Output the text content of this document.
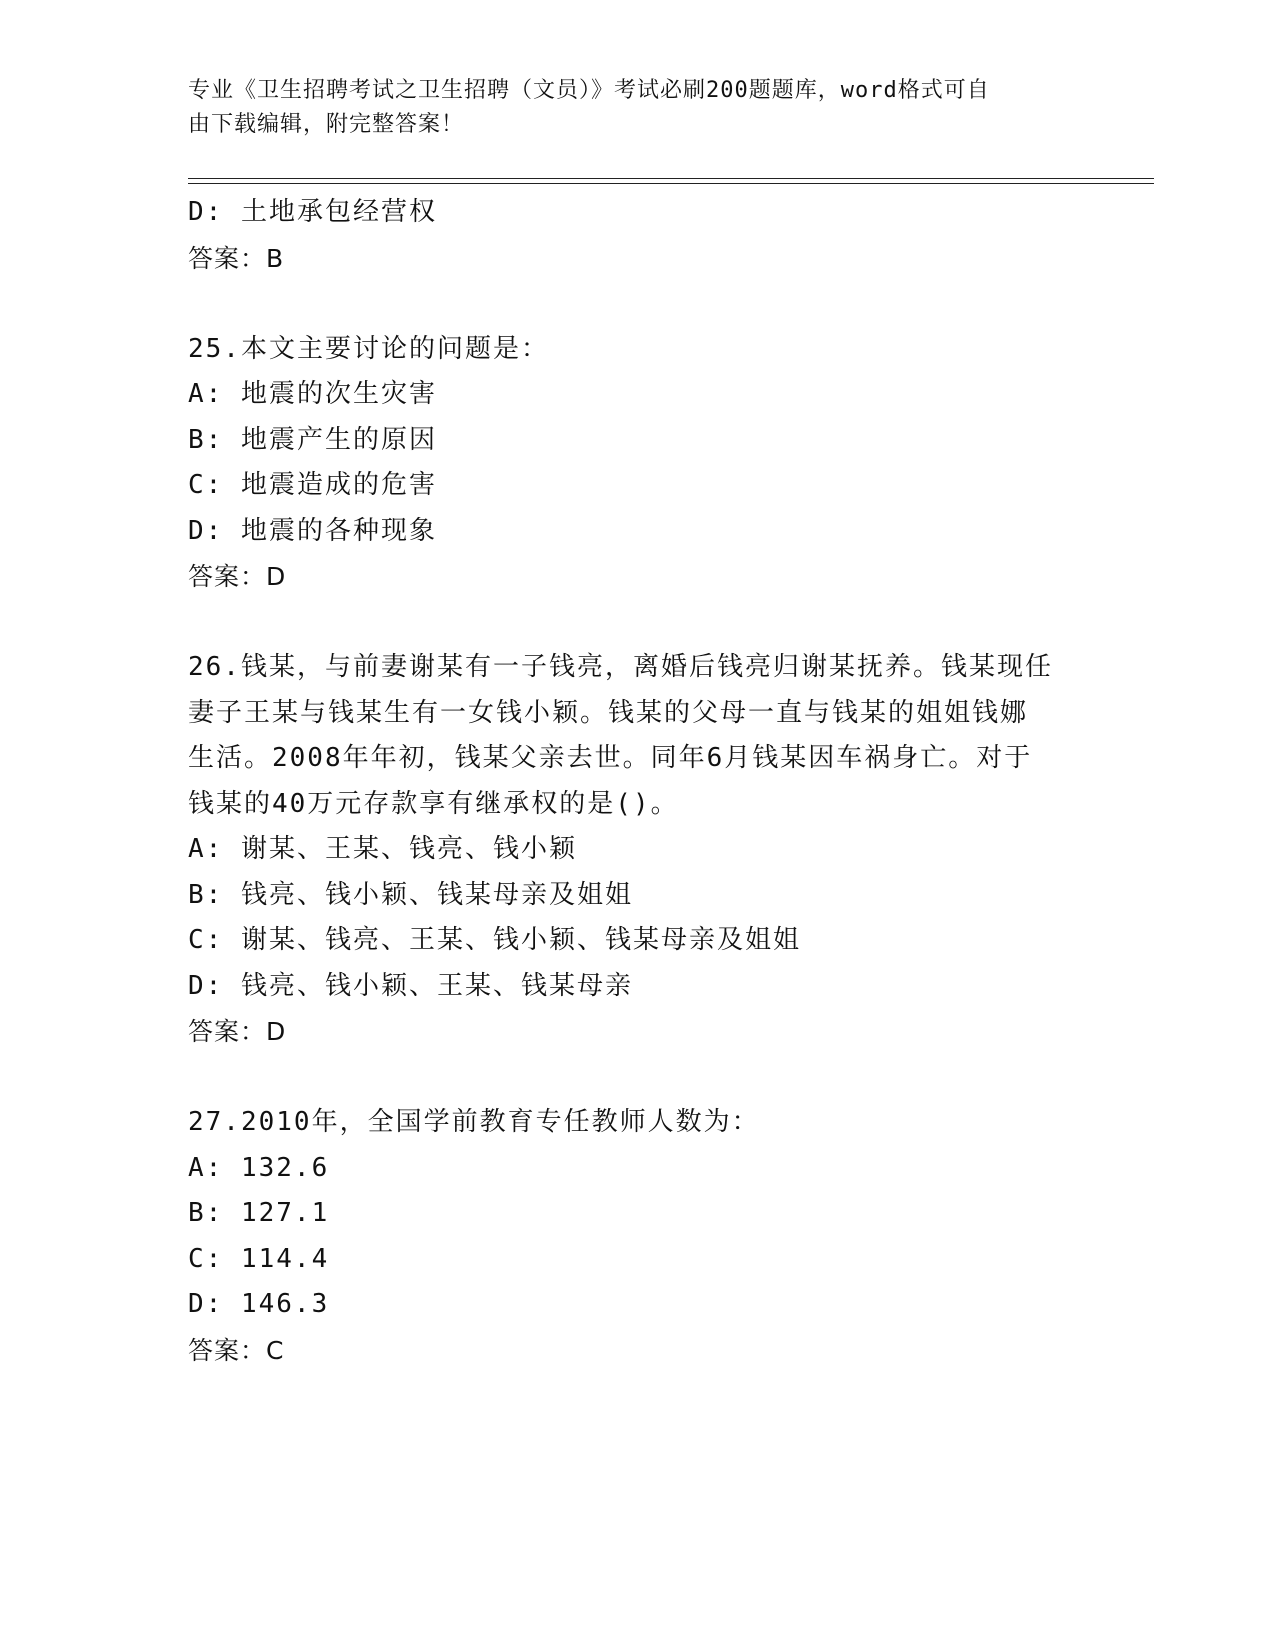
专业《卫生招聘考试之卫生招聘（文员）》考试必刷200题题库，word格式可自
由下载编辑，附完整答案！
D: 土地承包经营权
答案：B
25.本文主要讨论的问题是：
A: 地震的次生灾害
B: 地震产生的原因
C: 地震造成的危害
D: 地震的各种现象
答案：D
26.钱某，与前妻谢某有一子钱亮，离婚后钱亮归谢某抚养。钱某现任
妻子王某与钱某生有一女钱小颖。钱某的父母一直与钱某的姐姐钱娜
生活。2008年年初，钱某父亲去世。同年6月钱某因车祸身亡。对于
钱某的40万元存款享有继承权的是()。
A: 谢某、王某、钱亮、钱小颖
B: 钱亮、钱小颖、钱某母亲及姐姐
C: 谢某、钱亮、王某、钱小颖、钱某母亲及姐姐
D: 钱亮、钱小颖、王某、钱某母亲
答案：D
27.2010年，全国学前教育专任教师人数为：
A: 132.6
B: 127.1
C: 114.4
D: 146.3
答案：C
